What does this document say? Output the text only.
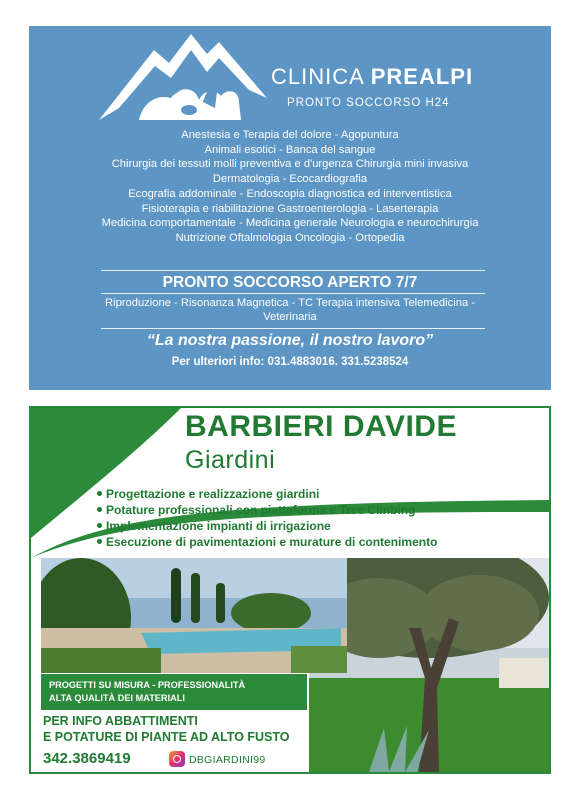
CLINICA PREALPI
PRONTO SOCCORSO H24
Anestesia e Terapia del dolore - Agopuntura
Animali esotici - Banca del sangue
Chirurgia dei tessuti molli preventiva e d'urgenza Chirurgia mini invasiva
Dermatologia - Ecocardiografia
Ecografia addominale - Endoscopia diagnostica ed interventistica
Fisioterapia e riabilitazione Gastroenterologia - Laserterapia
Medicina comportamentale - Medicina generale Neurologia e neurochirurgia
Nutrizione Oftalmologia Oncologia - Ortopedia
PRONTO SOCCORSO APERTO 7/7
Riproduzione - Risonanza Magnetica - TC Terapia intensiva Telemedicina -
Veterinaria
“La nostra passione, il nostro lavoro”
Per ulteriori info: 031.4883016. 331.5238524
BARBIERI DAVIDE
Giardini
Progettazione e realizzazione giardini
Potature professionali con piattaforma e Tree Clinbing
Implementazione impianti di irrigazione
Esecuzione di pavimentazioni e murature di contenimento
PROGETTI SU MISURA - PROFESSIONALITÀ
ALTA QUALITÀ DEI MATERIALI
PER INFO ABBATTIMENTI
E POTATURE DI PIANTE AD ALTO FUSTO
342.3869419	DBGIARDINI99
